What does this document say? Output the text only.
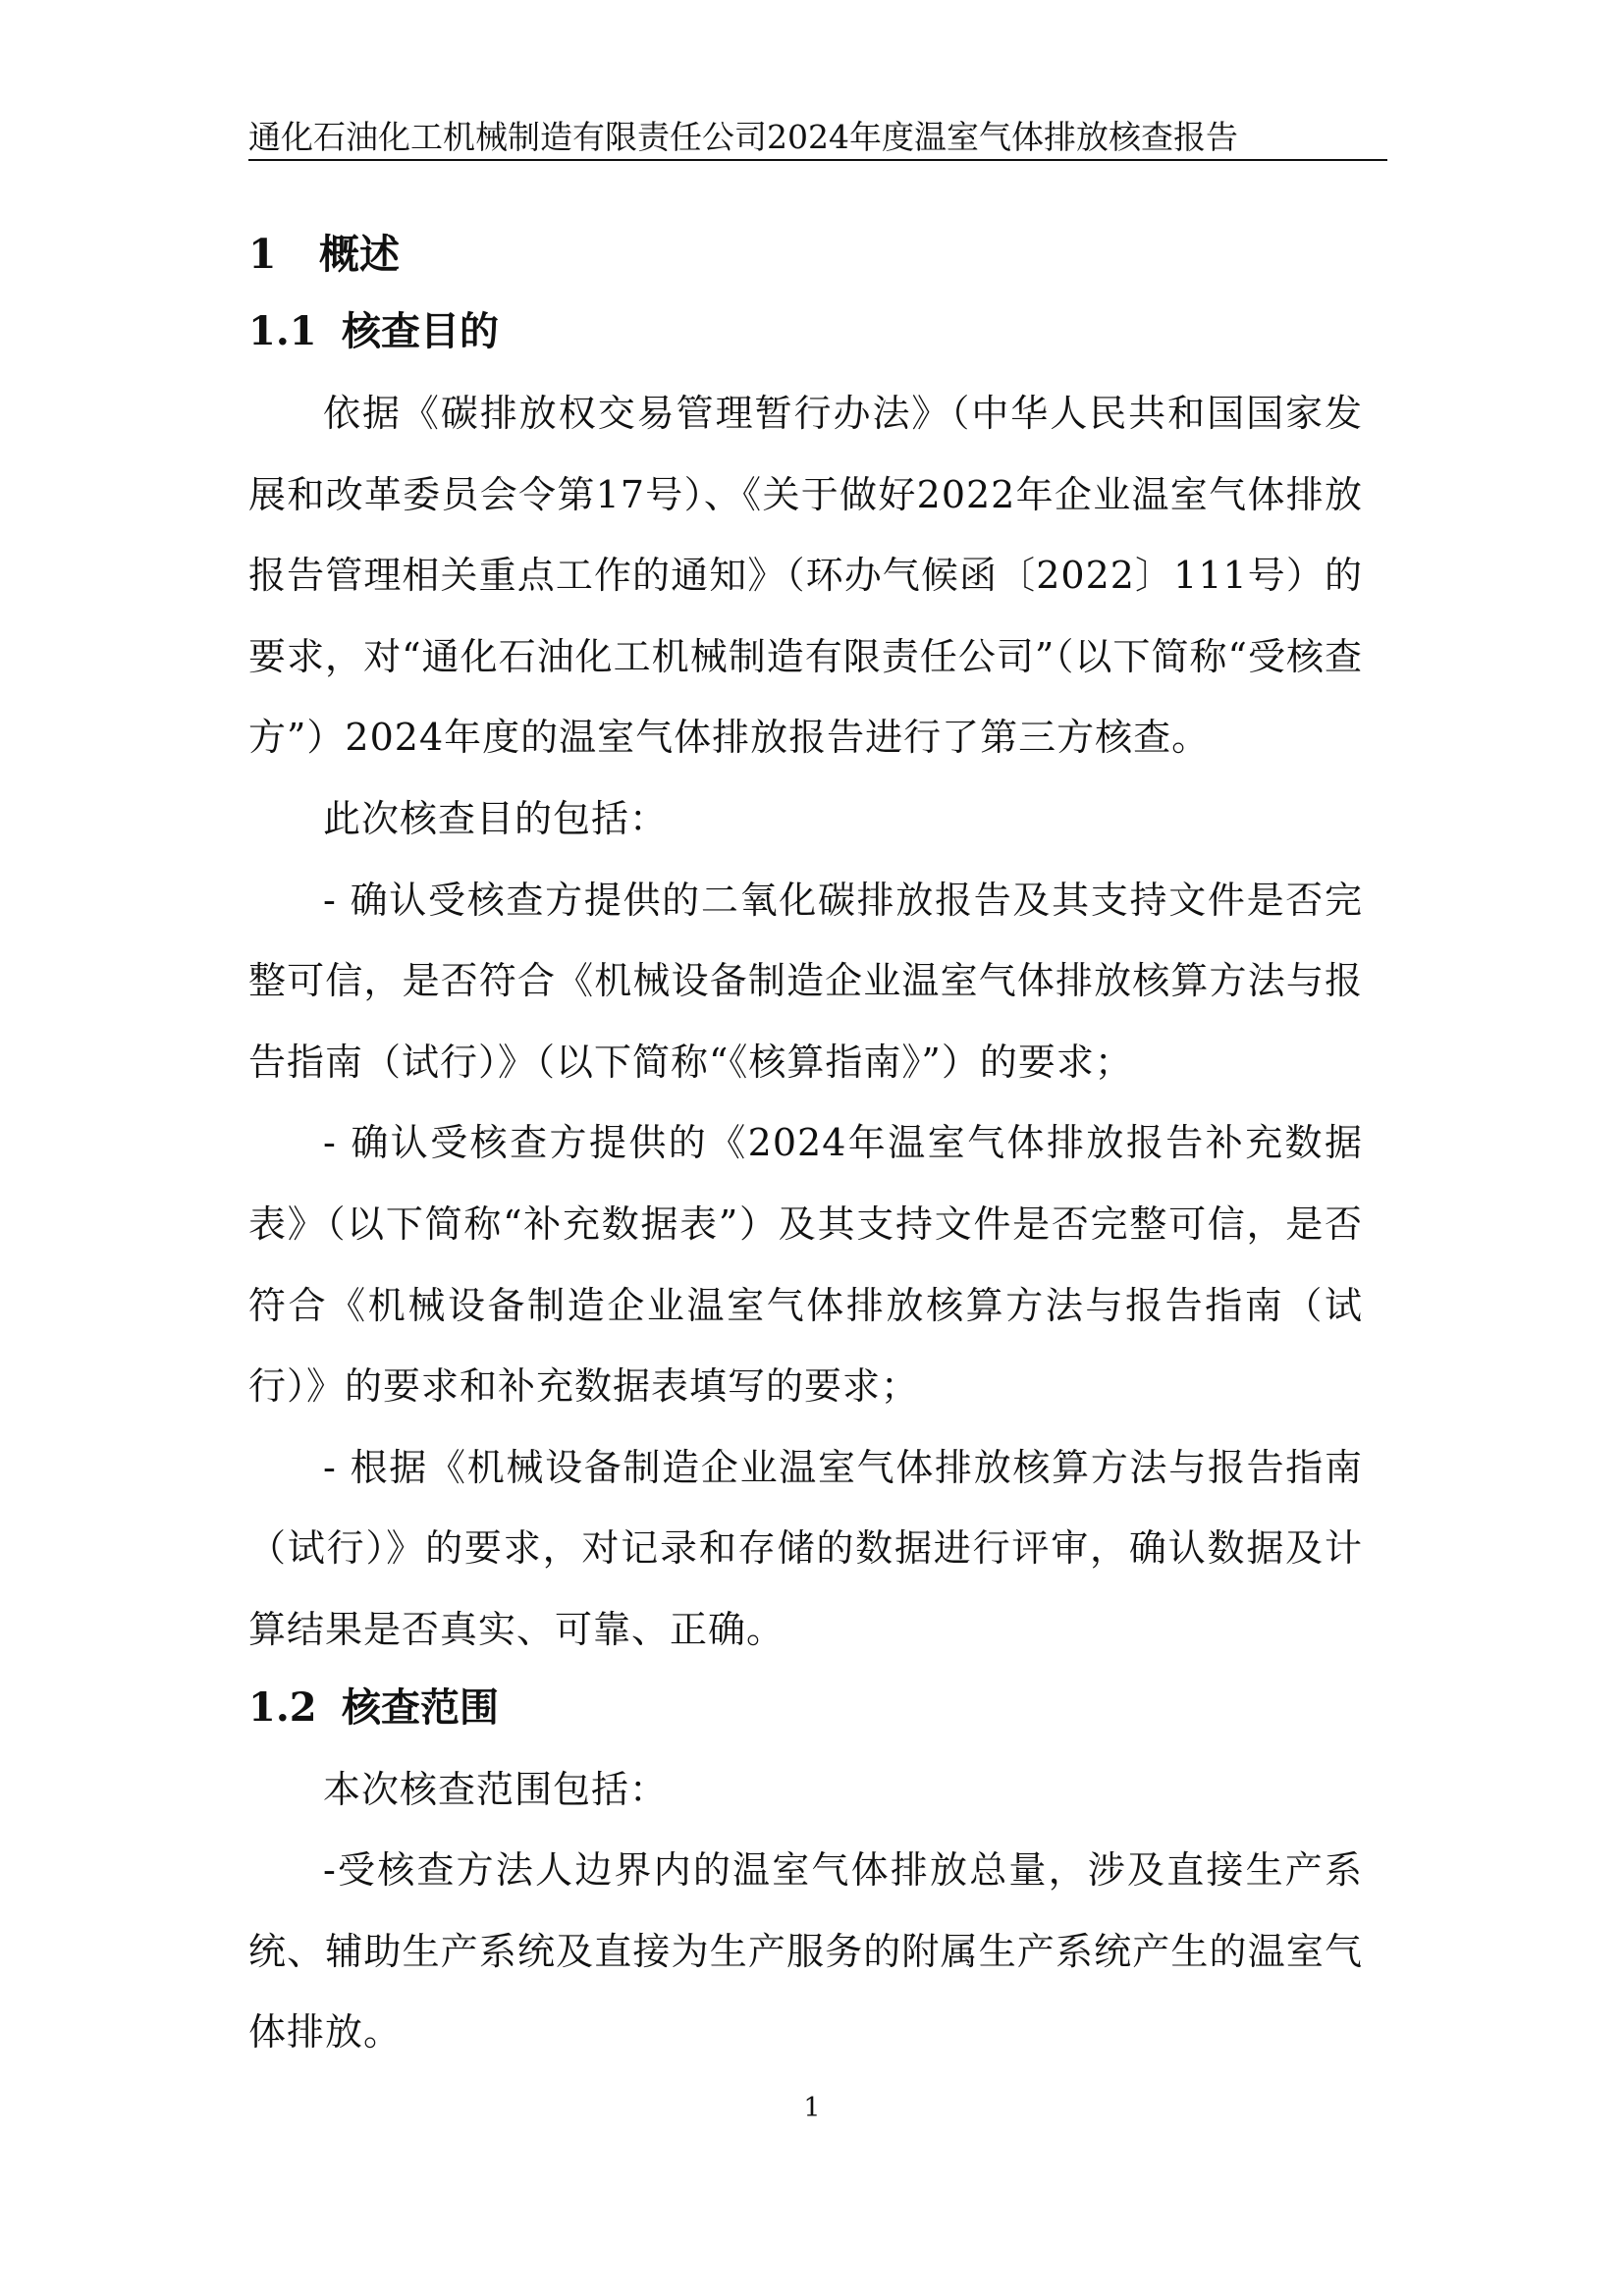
通化石油化工机械制造有限责任公司2024年度温室气体排放核查报告
1 概述
1.1 核查目的

依据《碳排放权交易管理暂行办法》（中华人民共和国国家发展和改革委员会令第17号）、《关于做好2022年企业温室气体排放报告管理相关重点工作的通知》（环办气候函〔2022〕111号）的要求，对“通化石油化工机械制造有限责任公司”（以下简称“受核查方”）2024年度的温室气体排放报告进行了第三方核查。

此次核查目的包括：

- 确认受核查方提供的二氧化碳排放报告及其支持文件是否完整可信，是否符合《机械设备制造企业温室气体排放核算方法与报告指南（试行）》（以下简称“《核算指南》”）的要求；

- 确认受核查方提供的《2024年温室气体排放报告补充数据表》（以下简称“补充数据表”）及其支持文件是否完整可信，是否符合《机械设备制造企业温室气体排放核算方法与报告指南（试行）》的要求和补充数据表填写的要求；

- 根据《机械设备制造企业温室气体排放核算方法与报告指南（试行）》的要求，对记录和存储的数据进行评审，确认数据及计算结果是否真实、可靠、正确。

1.2 核查范围

本次核查范围包括：

-受核查方法人边界内的温室气体排放总量，涉及直接生产系统、辅助生产系统及直接为生产服务的附属生产系统产生的温室气体排放。

1
